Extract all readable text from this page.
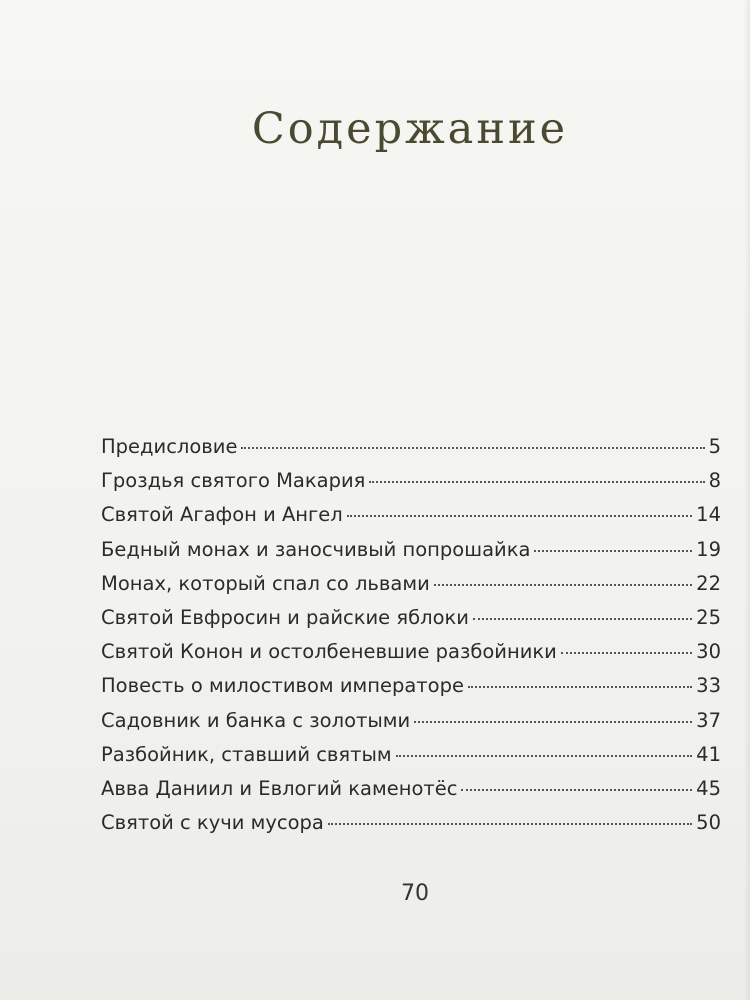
Содержание
Предисловие	5
Гроздья святого Макария	8
Святой Агафон и Ангел	14
Бедный монах и заносчивый попрошайка	19
Монах, который спал со львами	22
Святой Евфросин и райские яблоки	25
Святой Конон и остолбеневшие разбойники	30
Повесть о милостивом императоре	33
Садовник и банка с золотыми	37
Разбойник, ставший святым	41
Авва Даниил и Евлогий каменотёс	45
Святой с кучи мусора	50
70
